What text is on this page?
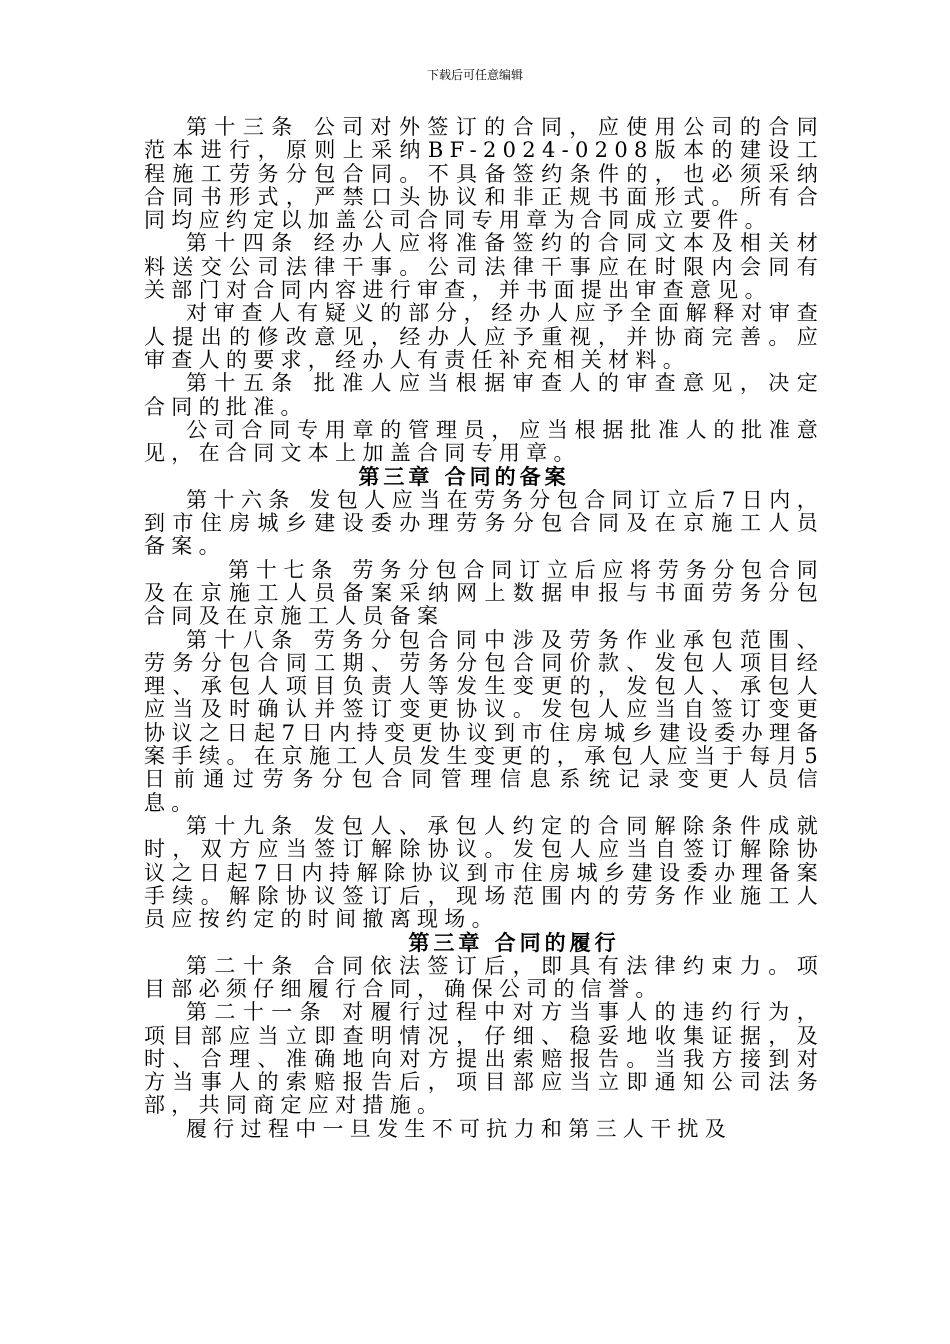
下载后可任意编辑

第十三条 公司对外签订的合同，应使用公司的合同范本进行，原则上采纳BF-2024-0208版本的建设工程施工劳务分包合同。不具备签约条件的，也必须采纳合同书形式，严禁口头协议和非正规书面形式。所有合同均应约定以加盖公司合同专用章为合同成立要件。

第十四条 经办人应将准备签约的合同文本及相关材料送交公司法律干事。公司法律干事应在时限内会同有关部门对合同内容进行审查，并书面提出审查意见。

对审查人有疑义的部分，经办人应予全面解释对审查人提出的修改意见，经办人应予重视，并协商完善。应审查人的要求，经办人有责任补充相关材料。

第十五条 批准人应当根据审查人的审查意见，决定合同的批准。

公司合同专用章的管理员，应当根据批准人的批准意见，在合同文本上加盖合同专用章。

第三章 合同的备案

第十六条 发包人应当在劳务分包合同订立后7日内，到市住房城乡建设委办理劳务分包合同及在京施工人员备案。

第十七条 劳务分包合同订立后应将劳务分包合同及在京施工人员备案采纳网上数据申报与书面劳务分包合同及在京施工人员备案

第十八条 劳务分包合同中涉及劳务作业承包范围、劳务分包合同工期、劳务分包合同价款、发包人项目经理、承包人项目负责人等发生变更的，发包人、承包人应当及时确认并签订变更协议。发包人应当自签订变更协议之日起7日内持变更协议到市住房城乡建设委办理备案手续。在京施工人员发生变更的，承包人应当于每月5日前通过劳务分包合同管理信息系统记录变更人员信息。

第十九条 发包人、承包人约定的合同解除条件成就时，双方应当签订解除协议。发包人应当自签订解除协议之日起7日内持解除协议到市住房城乡建设委办理备案手续。解除协议签订后，现场范围内的劳务作业施工人员应按约定的时间撤离现场。

第三章 合同的履行

第二十条 合同依法签订后，即具有法律约束力。项目部必须仔细履行合同，确保公司的信誉。

第二十一条 对履行过程中对方当事人的违约行为，项目部应当立即查明情况，仔细、稳妥地收集证据，及时、合理、准确地向对方提出索赔报告。当我方接到对方当事人的索赔报告后，项目部应当立即通知公司法务部，共同商定应对措施。

履行过程中一旦发生不可抗力和第三人干扰及
